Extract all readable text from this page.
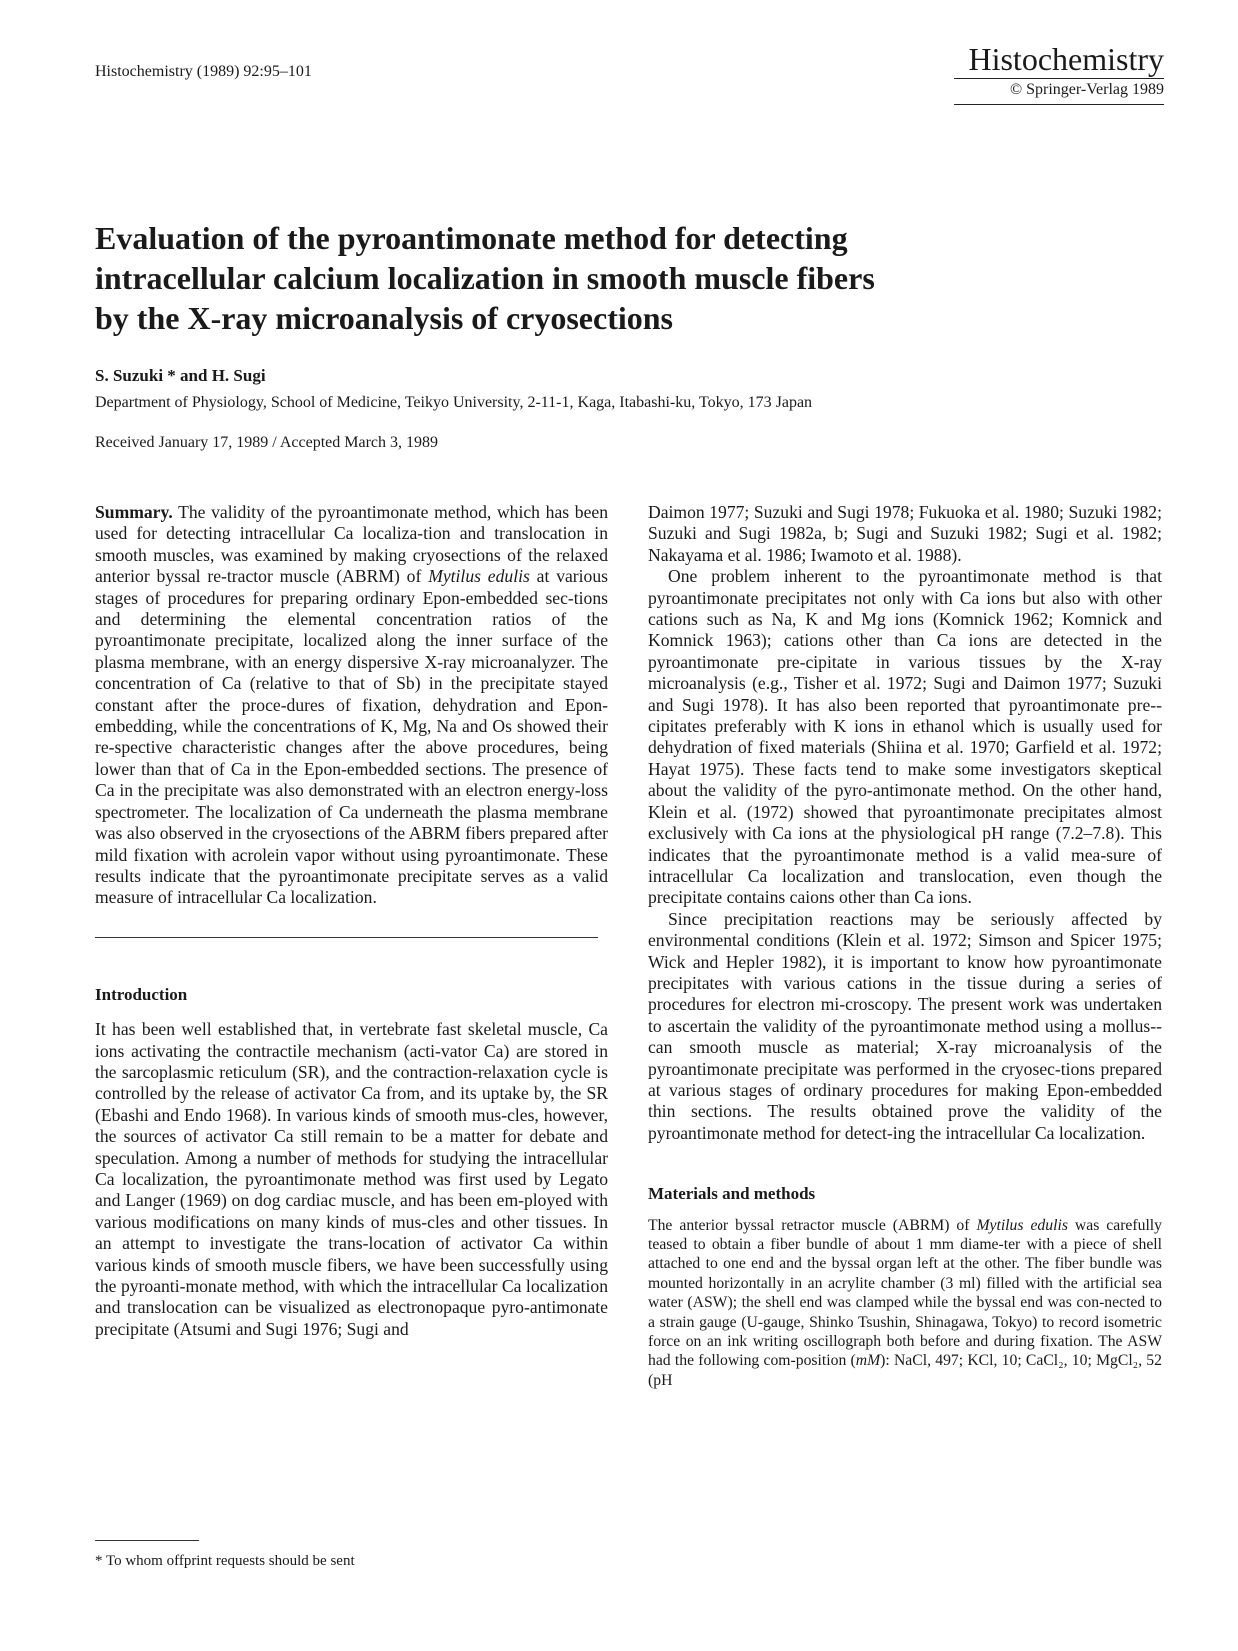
Histochemistry (1989) 92:95–101	Histochemistry
© Springer-Verlag 1989
Evaluation of the pyroantimonate method for detecting
intracellular calcium localization in smooth muscle fibers
by the X-ray microanalysis of cryosections
S. Suzuki * and H. Sugi
Department of Physiology, School of Medicine, Teikyo University, 2-11-1, Kaga, Itabashi-ku, Tokyo, 173 Japan
Received January 17, 1989 / Accepted March 3, 1989

Summary. The validity of the pyroantimonate method, which has been used for detecting intracellular Ca localiza-tion and translocation in smooth muscles, was examined by making cryosections of the relaxed anterior byssal re-tractor muscle (ABRM) of Mytilus edulis at various stages of procedures for preparing ordinary Epon-embedded sec-tions and determining the elemental concentration ratios of the pyroantimonate precipitate, localized along the inner surface of the plasma membrane, with an energy dispersive X-ray microanalyzer. The concentration of Ca (relative to that of Sb) in the precipitate stayed constant after the proce-dures of fixation, dehydration and Epon-embedding, while the concentrations of K, Mg, Na and Os showed their re-spective characteristic changes after the above procedures, being lower than that of Ca in the Epon-embedded sections. The presence of Ca in the precipitate was also demonstrated with an electron energy-loss spectrometer. The localization of Ca underneath the plasma membrane was also observed in the cryosections of the ABRM fibers prepared after mild fixation with acrolein vapor without using pyroantimonate. These results indicate that the pyroantimonate precipitate serves as a valid measure of intracellular Ca localization.

Introduction

It has been well established that, in vertebrate fast skeletal muscle, Ca ions activating the contractile mechanism (acti-vator Ca) are stored in the sarcoplasmic reticulum (SR), and the contraction-relaxation cycle is controlled by the release of activator Ca from, and its uptake by, the SR (Ebashi and Endo 1968). In various kinds of smooth mus-cles, however, the sources of activator Ca still remain to be a matter for debate and speculation. Among a number of methods for studying the intracellular Ca localization, the pyroantimonate method was first used by Legato and Langer (1969) on dog cardiac muscle, and has been em-ployed with various modifications on many kinds of mus-cles and other tissues. In an attempt to investigate the trans-location of activator Ca within various kinds of smooth muscle fibers, we have been successfully using the pyroanti-monate method, with which the intracellular Ca localization and translocation can be visualized as electronopaque pyro-antimonate precipitate (Atsumi and Sugi 1976; Sugi and

Daimon 1977; Suzuki and Sugi 1978; Fukuoka et al. 1980; Suzuki 1982; Suzuki and Sugi 1982a, b; Sugi and Suzuki 1982; Sugi et al. 1982; Nakayama et al. 1986; Iwamoto et al. 1988).

One problem inherent to the pyroantimonate method is that pyroantimonate precipitates not only with Ca ions but also with other cations such as Na, K and Mg ions (Komnick 1962; Komnick and Komnick 1963); cations other than Ca ions are detected in the pyroantimonate pre-cipitate in various tissues by the X-ray microanalysis (e.g., Tisher et al. 1972; Sugi and Daimon 1977; Suzuki and Sugi 1978). It has also been reported that pyroantimonate pre-cipitates preferably with K ions in ethanol which is usually used for dehydration of fixed materials (Shiina et al. 1970; Garfield et al. 1972; Hayat 1975). These facts tend to make some investigators skeptical about the validity of the pyro-antimonate method. On the other hand, Klein et al. (1972) showed that pyroantimonate precipitates almost exclusively with Ca ions at the physiological pH range (7.2–7.8). This indicates that the pyroantimonate method is a valid mea-sure of intracellular Ca localization and translocation, even though the precipitate contains caions other than Ca ions.

Since precipitation reactions may be seriously affected by environmental conditions (Klein et al. 1972; Simson and Spicer 1975; Wick and Hepler 1982), it is important to know how pyroantimonate precipitates with various cations in the tissue during a series of procedures for electron mi-croscopy. The present work was undertaken to ascertain the validity of the pyroantimonate method using a mollus-can smooth muscle as material; X-ray microanalysis of the pyroantimonate precipitate was performed in the cryosec-tions prepared at various stages of ordinary procedures for making Epon-embedded thin sections. The results obtained prove the validity of the pyroantimonate method for detect-ing the intracellular Ca localization.

Materials and methods

The anterior byssal retractor muscle (ABRM) of Mytilus edulis was carefully teased to obtain a fiber bundle of about 1 mm diame-ter with a piece of shell attached to one end and the byssal organ left at the other. The fiber bundle was mounted horizontally in an acrylite chamber (3 ml) filled with the artificial sea water (ASW); the shell end was clamped while the byssal end was con-nected to a strain gauge (U-gauge, Shinko Tsushin, Shinagawa, Tokyo) to record isometric force on an ink writing oscillograph both before and during fixation. The ASW had the following com-position (mM): NaCl, 497; KCl, 10; CaCl₂, 10; MgCl₂, 52 (pH

* To whom offprint requests should be sent
